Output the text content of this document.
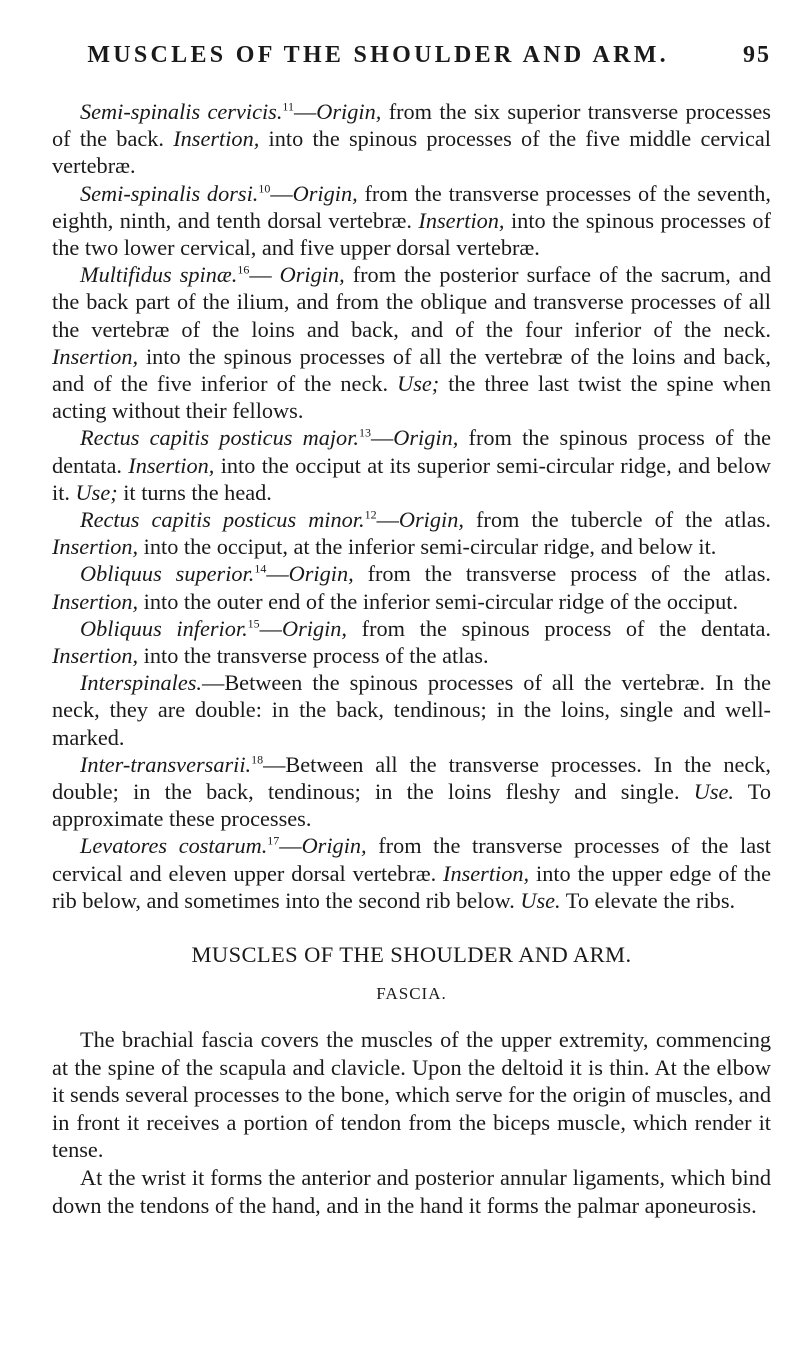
MUSCLES OF THE SHOULDER AND ARM.	95

Semi-spinalis cervicis.$^{11}$—Origin, from the six superior transverse processes of the back. Insertion, into the spinous processes of the five middle cervical vertebræ.

Semi-spinalis dorsi.$^{10}$—Origin, from the transverse processes of the seventh, eighth, ninth, and tenth dorsal vertebræ. Insertion, into the spinous processes of the two lower cervical, and five upper dorsal vertebræ.

Multifidus spinæ.$^{16}$— Origin, from the posterior surface of the sacrum, and the back part of the ilium, and from the oblique and transverse processes of all the vertebræ of the loins and back, and of the four inferior of the neck. Insertion, into the spinous processes of all the vertebræ of the loins and back, and of the five inferior of the neck. Use; the three last twist the spine when acting without their fellows.

Rectus capitis posticus major.$^{13}$—Origin, from the spinous process of the dentata. Insertion, into the occiput at its superior semi-circular ridge, and below it. Use; it turns the head.

Rectus capitis posticus minor.$^{12}$—Origin, from the tubercle of the atlas. Insertion, into the occiput, at the inferior semi-circular ridge, and below it.

Obliquus superior.$^{14}$—Origin, from the transverse process of the atlas. Insertion, into the outer end of the inferior semi-circular ridge of the occiput.

Obliquus inferior.$^{15}$—Origin, from the spinous process of the dentata. Insertion, into the transverse process of the atlas.

Interspinales.—Between the spinous processes of all the vertebræ. In the neck, they are double: in the back, tendinous; in the loins, single and well-marked.

Inter-transversarii.$^{18}$—Between all the transverse processes. In the neck, double; in the back, tendinous; in the loins fleshy and single. Use. To approximate these processes.

Levatores costarum.$^{17}$—Origin, from the transverse processes of the last cervical and eleven upper dorsal vertebræ. Insertion, into the upper edge of the rib below, and sometimes into the second rib below. Use. To elevate the ribs.

MUSCLES OF THE SHOULDER AND ARM.
FASCIA.

The brachial fascia covers the muscles of the upper extremity, commencing at the spine of the scapula and clavicle. Upon the deltoid it is thin. At the elbow it sends several processes to the bone, which serve for the origin of muscles, and in front it receives a portion of tendon from the biceps muscle, which render it tense.

At the wrist it forms the anterior and posterior annular ligaments, which bind down the tendons of the hand, and in the hand it forms the palmar aponeurosis.
